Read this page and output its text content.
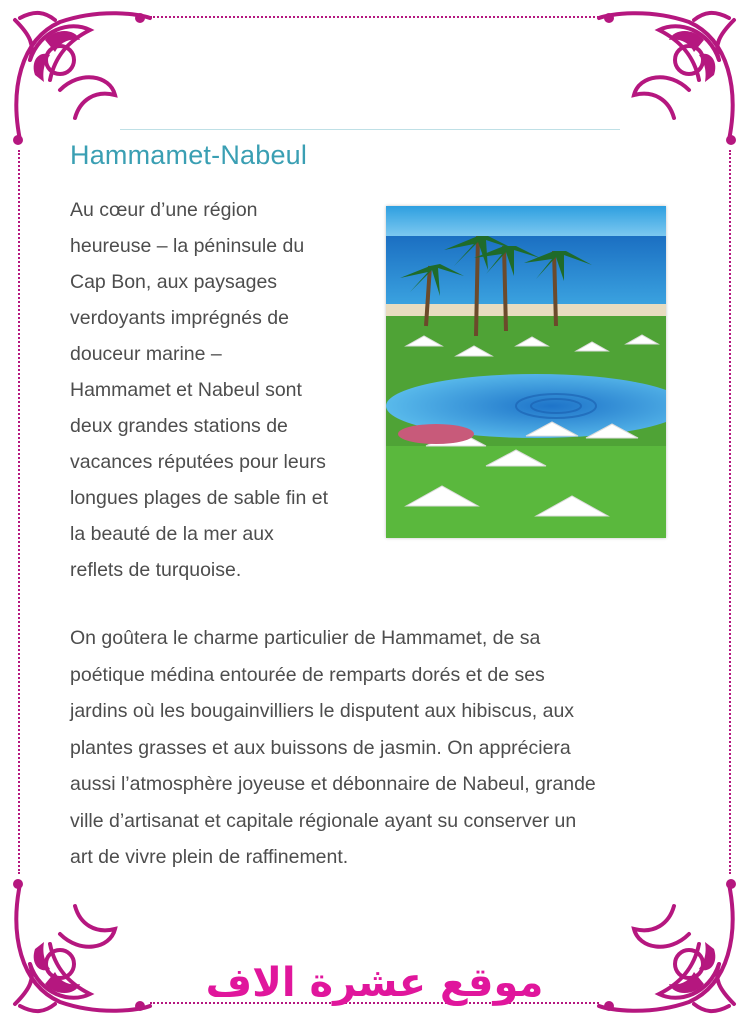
Hammamet-Nabeul
Au cœur d’une région
heureuse – la péninsule du
Cap Bon, aux paysages
verdoyants imprégnés de
douceur marine –
Hammamet et Nabeul sont
deux grandes stations de
vacances réputées pour leurs
longues plages de sable fin et
la beauté de la mer aux
reflets de turquoise.
On goûtera le charme particulier de Hammamet, de sa
poétique médina entourée de remparts dorés et de ses
jardins où les bougainvilliers le disputent aux hibiscus, aux
plantes grasses et aux buissons de jasmin. On appréciera
aussi l’atmosphère joyeuse et débonnaire de Nabeul, grande
ville d’artisanat et capitale régionale ayant su conserver un
art de vivre plein de raffinement.
موقع عشرة الاف
